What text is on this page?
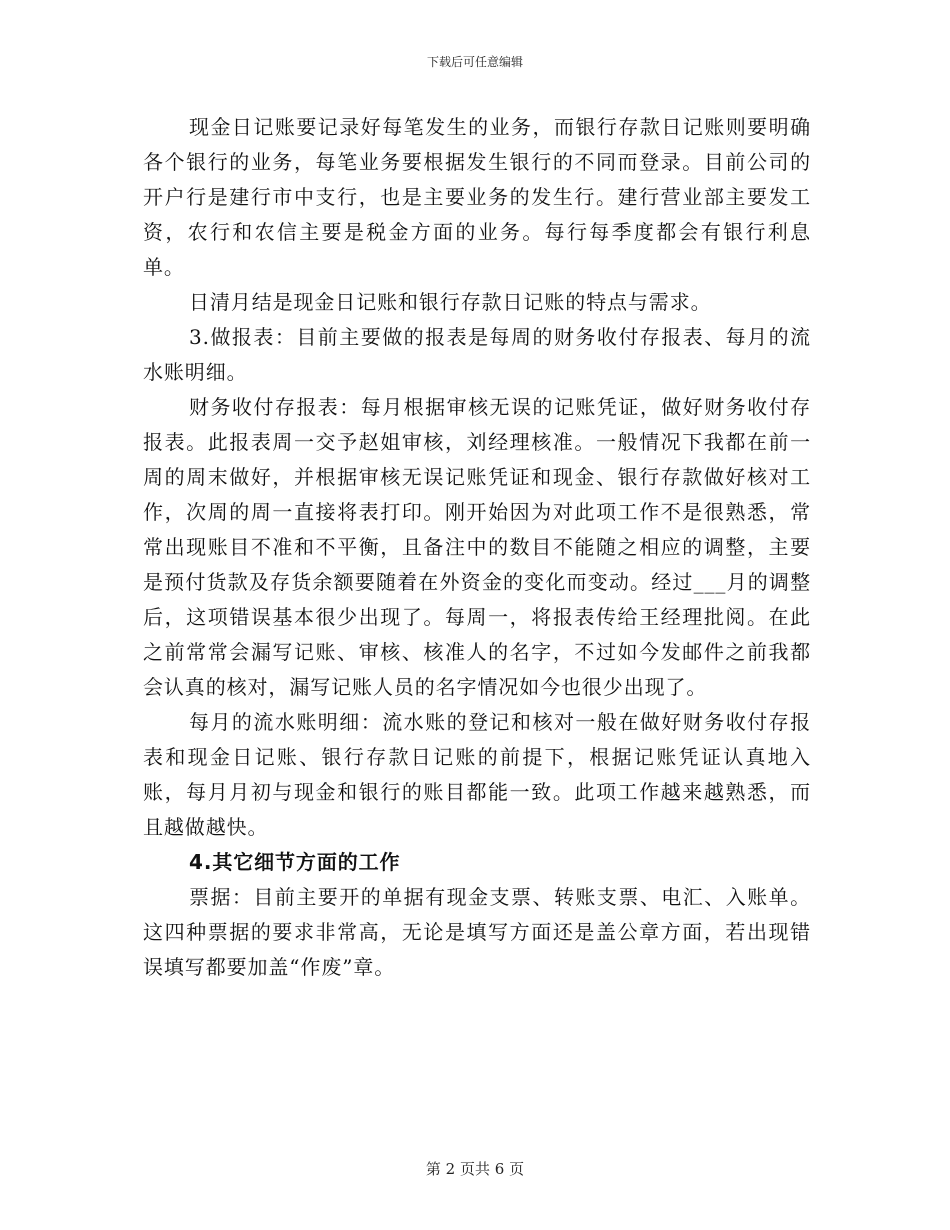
下载后可任意编辑

现金日记账要记录好每笔发生的业务，而银行存款日记账则要明确各个银行的业务，每笔业务要根据发生银行的不同而登录。目前公司的开户行是建行市中支行，也是主要业务的发生行。建行营业部主要发工资，农行和农信主要是税金方面的业务。每行每季度都会有银行利息单。

日清月结是现金日记账和银行存款日记账的特点与需求。

3.做报表：目前主要做的报表是每周的财务收付存报表、每月的流水账明细。

财务收付存报表：每月根据审核无误的记账凭证，做好财务收付存报表。此报表周一交予赵姐审核，刘经理核准。一般情况下我都在前一周的周末做好，并根据审核无误记账凭证和现金、银行存款做好核对工作，次周的周一直接将表打印。刚开始因为对此项工作不是很熟悉，常常出现账目不准和不平衡，且备注中的数目不能随之相应的调整，主要是预付货款及存货余额要随着在外资金的变化而变动。经过___月的调整后，这项错误基本很少出现了。每周一，将报表传给王经理批阅。在此之前常常会漏写记账、审核、核准人的名字，不过如今发邮件之前我都会认真的核对，漏写记账人员的名字情况如今也很少出现了。

每月的流水账明细：流水账的登记和核对一般在做好财务收付存报表和现金日记账、银行存款日记账的前提下，根据记账凭证认真地入账，每月月初与现金和银行的账目都能一致。此项工作越来越熟悉，而且越做越快。

4.其它细节方面的工作

票据：目前主要开的单据有现金支票、转账支票、电汇、入账单。这四种票据的要求非常高，无论是填写方面还是盖公章方面，若出现错误填写都要加盖“作废”章。

第 2 页共 6 页
